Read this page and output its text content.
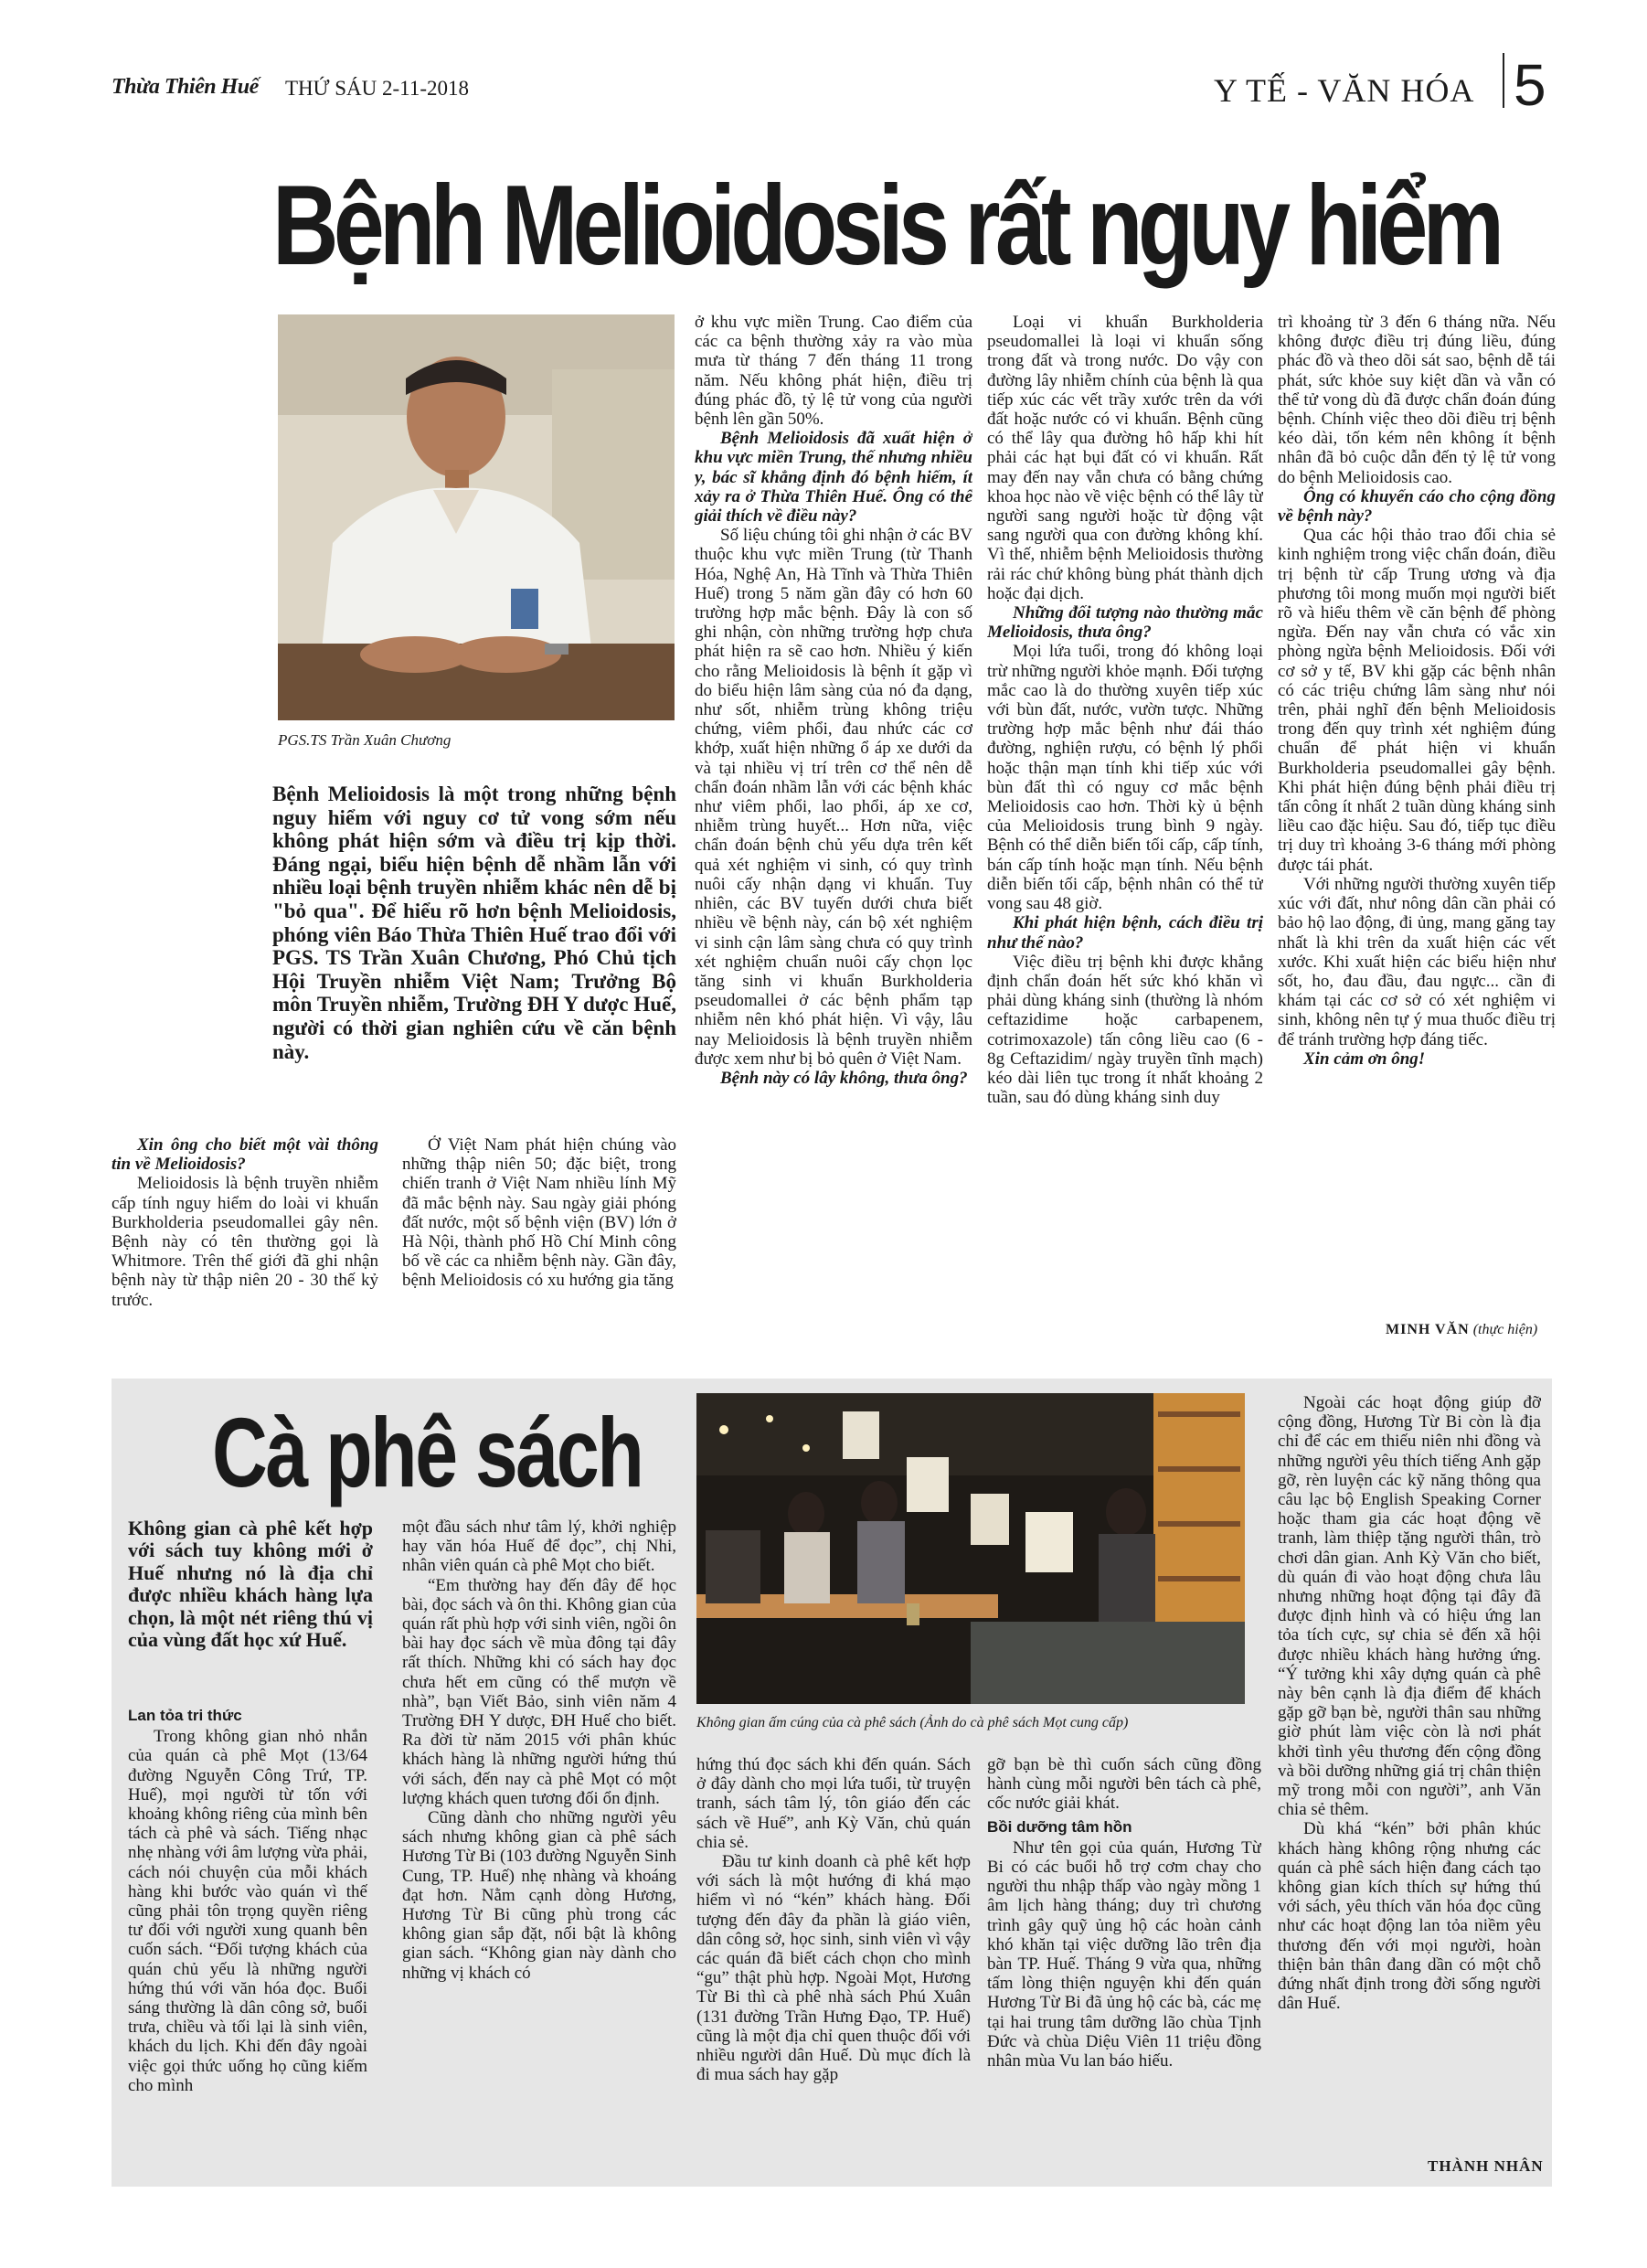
Thừa Thiên Huế THỨ SÁU 2-11-2018	Y TẾ - VĂN HÓA 5
Bệnh Melioidosis rất nguy hiểm
PGS.TS Trần Xuân Chương
Bệnh Melioidosis là một trong những bệnh nguy hiểm với nguy cơ tử vong sớm nếu không phát hiện sớm và điều trị kịp thời. Đáng ngại, biểu hiện bệnh dễ nhầm lẫn với nhiều loại bệnh truyền nhiễm khác nên dễ bị "bỏ qua". Để hiểu rõ hơn bệnh Melioidosis, phóng viên Báo Thừa Thiên Huế trao đổi với PGS. TS Trần Xuân Chương, Phó Chủ tịch Hội Truyền nhiễm Việt Nam; Trưởng Bộ môn Truyền nhiễm, Trường ĐH Y dược Huế, người có thời gian nghiên cứu về căn bệnh này.

Xin ông cho biết một vài thông tin về Melioidosis?

Melioidosis là bệnh truyền nhiễm cấp tính nguy hiểm do loài vi khuẩn Burkholderia pseudomallei gây nên. Bệnh này có tên thường gọi là Whitmore. Trên thế giới đã ghi nhận bệnh này từ thập niên 20 - 30 thế kỷ trước.

Ở Việt Nam phát hiện chúng vào những thập niên 50; đặc biệt, trong chiến tranh ở Việt Nam nhiều lính Mỹ đã mắc bệnh này. Sau ngày giải phóng đất nước, một số bệnh viện (BV) lớn ở Hà Nội, thành phố Hồ Chí Minh công bố về các ca nhiễm bệnh này. Gần đây, bệnh Melioidosis có xu hướng gia tăng

ở khu vực miền Trung. Cao điểm của các ca bệnh thường xảy ra vào mùa mưa từ tháng 7 đến tháng 11 trong năm. Nếu không phát hiện, điều trị đúng phác đồ, tỷ lệ tử vong của người bệnh lên gần 50%.

Bệnh Melioidosis đã xuất hiện ở khu vực miền Trung, thế nhưng nhiều y, bác sĩ khẳng định đó bệnh hiếm, ít xảy ra ở Thừa Thiên Huế. Ông có thể giải thích về điều này?

Số liệu chúng tôi ghi nhận ở các BV thuộc khu vực miền Trung (từ Thanh Hóa, Nghệ An, Hà Tĩnh và Thừa Thiên Huế) trong 5 năm gần đây có hơn 60 trường hợp mắc bệnh. Đây là con số ghi nhận, còn những trường hợp chưa phát hiện ra sẽ cao hơn. Nhiều ý kiến cho rằng Melioidosis là bệnh ít gặp vì do biểu hiện lâm sàng của nó đa dạng, như sốt, nhiễm trùng không triệu chứng, viêm phổi, đau nhức các cơ khớp, xuất hiện những ổ áp xe dưới da và tại nhiều vị trí trên cơ thể nên dễ chẩn đoán nhầm lẫn với các bệnh khác như viêm phổi, lao phổi, áp xe cơ, nhiễm trùng huyết... Hơn nữa, việc chẩn đoán bệnh chủ yếu dựa trên kết quả xét nghiệm vi sinh, có quy trình nuôi cấy nhận dạng vi khuẩn. Tuy nhiên, các BV tuyến dưới chưa biết nhiều về bệnh này, cán bộ xét nghiệm vi sinh cận lâm sàng chưa có quy trình xét nghiệm chuẩn nuôi cấy chọn lọc tăng sinh vi khuẩn Burkholderia pseudomallei ở các bệnh phẩm tạp nhiễm nên khó phát hiện. Vì vậy, lâu nay Melioidosis là bệnh truyền nhiễm được xem như bị bỏ quên ở Việt Nam.

Bệnh này có lây không, thưa ông?

Loại vi khuẩn Burkholderia pseudomallei là loại vi khuẩn sống trong đất và trong nước. Do vậy con đường lây nhiễm chính của bệnh là qua tiếp xúc các vết trầy xước trên da với đất hoặc nước có vi khuẩn. Bệnh cũng có thể lây qua đường hô hấp khi hít phải các hạt bụi đất có vi khuẩn. Rất may đến nay vẫn chưa có bằng chứng khoa học nào về việc bệnh có thể lây từ người sang người hoặc từ động vật sang người qua con đường không khí. Vì thế, nhiễm bệnh Melioidosis thường rải rác chứ không bùng phát thành dịch hoặc đại dịch.

Những đối tượng nào thường mắc Melioidosis, thưa ông?

Mọi lứa tuổi, trong đó không loại trừ những người khỏe mạnh. Đối tượng mắc cao là do thường xuyên tiếp xúc với bùn đất, nước, vườn tược. Những trường hợp mắc bệnh như đái tháo đường, nghiện rượu, có bệnh lý phổi hoặc thận mạn tính khi tiếp xúc với bùn đất thì có nguy cơ mắc bệnh Melioidosis cao hơn. Thời kỳ ủ bệnh của Melioidosis trung bình 9 ngày. Bệnh có thể diễn biến tối cấp, cấp tính, bán cấp tính hoặc mạn tính. Nếu bệnh diễn biến tối cấp, bệnh nhân có thể tử vong sau 48 giờ.

Khi phát hiện bệnh, cách điều trị như thế nào?

Việc điều trị bệnh khi được khẳng định chẩn đoán hết sức khó khăn vì phải dùng kháng sinh (thường là nhóm ceftazidime hoặc carbapenem, cotrimoxazole) tấn công liều cao (6 - 8g Ceftazidim/ ngày truyền tĩnh mạch) kéo dài liên tục trong ít nhất khoảng 2 tuần, sau đó dùng kháng sinh duy

trì khoảng từ 3 đến 6 tháng nữa. Nếu không được điều trị đúng liều, đúng phác đồ và theo dõi sát sao, bệnh dễ tái phát, sức khỏe suy kiệt dần và vẫn có thể tử vong dù đã được chẩn đoán đúng bệnh. Chính việc theo dõi điều trị bệnh kéo dài, tốn kém nên không ít bệnh nhân đã bỏ cuộc dẫn đến tỷ lệ tử vong do bệnh Melioidosis cao.

Ông có khuyến cáo cho cộng đồng về bệnh này?

Qua các hội thảo trao đổi chia sẻ kinh nghiệm trong việc chẩn đoán, điều trị bệnh từ cấp Trung ương và địa phương tôi mong muốn mọi người biết rõ và hiểu thêm về căn bệnh để phòng ngừa. Đến nay vẫn chưa có vắc xin phòng ngừa bệnh Melioidosis. Đối với cơ sở y tế, BV khi gặp các bệnh nhân có các triệu chứng lâm sàng như nói trên, phải nghĩ đến bệnh Melioidosis trong đến quy trình xét nghiệm đúng chuẩn để phát hiện vi khuẩn Burkholderia pseudomallei gây bệnh. Khi phát hiện đúng bệnh phải điều trị tấn công ít nhất 2 tuần dùng kháng sinh liều cao đặc hiệu. Sau đó, tiếp tục điều trị duy trì khoảng 3-6 tháng mới phòng được tái phát.

Với những người thường xuyên tiếp xúc với đất, như nông dân cần phải có bảo hộ lao động, đi ủng, mang găng tay nhất là khi trên da xuất hiện các vết xước. Khi xuất hiện các biểu hiện như sốt, ho, đau đầu, đau ngực... cần đi khám tại các cơ sở có xét nghiệm vi sinh, không nên tự ý mua thuốc điều trị để tránh trường hợp đáng tiếc.

Xin cảm ơn ông!

MINH VĂN (thực hiện)
Cà phê sách
Không gian cà phê kết hợp với sách tuy không mới ở Huế nhưng nó là địa chỉ được nhiều khách hàng lựa chọn, là một nét riêng thú vị của vùng đất học xứ Huế.
Không gian ấm cúng của cà phê sách (Ảnh do cà phê sách Mọt cung cấp)
Lan tỏa tri thức

Trong không gian nhỏ nhắn của quán cà phê Mọt (13/64 đường Nguyễn Công Trứ, TP. Huế), mọi người từ tốn với khoảng không riêng của mình bên tách cà phê và sách. Tiếng nhạc nhẹ nhàng với âm lượng vừa phải, cách nói chuyện của mỗi khách hàng khi bước vào quán vì thế cũng phải tôn trọng quyền riêng tư đối với người xung quanh bên cuốn sách. “Đối tượng khách của quán chủ yếu là những người hứng thú với văn hóa đọc. Buổi sáng thường là dân công sở, buổi trưa, chiều và tối lại là sinh viên, khách du lịch. Khi đến đây ngoài việc gọi thức uống họ cũng kiếm cho mình

một đầu sách như tâm lý, khởi nghiệp hay văn hóa Huế để đọc”, chị Nhi, nhân viên quán cà phê Mọt cho biết.

“Em thường hay đến đây để học bài, đọc sách và ôn thi. Không gian của quán rất phù hợp với sinh viên, ngồi ôn bài hay đọc sách về mùa đông tại đây rất thích. Những khi có sách hay đọc chưa hết em cũng có thể mượn về nhà”, bạn Viết Bảo, sinh viên năm 4 Trường ĐH Y dược, ĐH Huế cho biết. Ra đời từ năm 2015 với phân khúc khách hàng là những người hứng thú với sách, đến nay cà phê Mọt có một lượng khách quen tương đối ổn định.

Cũng dành cho những người yêu sách nhưng không gian cà phê sách Hương Từ Bi (103 đường Nguyễn Sinh Cung, TP. Huế) nhẹ nhàng và khoáng đạt hơn. Nằm cạnh dòng Hương, Hương Từ Bi cũng phù trong các không gian sắp đặt, nối bật là không gian sách. “Không gian này dành cho những vị khách có

hứng thú đọc sách khi đến quán. Sách ở đây dành cho mọi lứa tuổi, từ truyện tranh, sách tâm lý, tôn giáo đến các sách về Huế”, anh Kỳ Văn, chủ quán chia sẻ.

Đầu tư kinh doanh cà phê kết hợp với sách là một hướng đi khá mạo hiểm vì nó “kén” khách hàng. Đối tượng đến đây đa phần là giáo viên, dân công sở, học sinh, sinh viên vì vậy các quán đã biết cách chọn cho mình “gu” thật phù hợp. Ngoài Mọt, Hương Từ Bi thì cà phê nhà sách Phú Xuân (131 đường Trần Hưng Đạo, TP. Huế) cũng là một địa chỉ quen thuộc đối với nhiều người dân Huế. Dù mục đích là đi mua sách hay gặp

gỡ bạn bè thì cuốn sách cũng đồng hành cùng mỗi người bên tách cà phê, cốc nước giải khát.

Bồi dưỡng tâm hồn

Như tên gọi của quán, Hương Từ Bi có các buổi hỗ trợ cơm chay cho người thu nhập thấp vào ngày mồng 1 âm lịch hàng tháng; duy trì chương trình gây quỹ ủng hộ các hoàn cảnh khó khăn tại việc dưỡng lão trên địa bàn TP. Huế. Tháng 9 vừa qua, những tấm lòng thiện nguyện khi đến quán Hương Từ Bi đã ủng hộ các bà, các mẹ tại hai trung tâm dưỡng lão chùa Tịnh Đức và chùa Diệu Viên 11 triệu đồng nhân mùa Vu lan báo hiếu.

Ngoài các hoạt động giúp đỡ cộng đồng, Hương Từ Bi còn là địa chỉ để các em thiếu niên nhi đồng và những người yêu thích tiếng Anh gặp gỡ, rèn luyện các kỹ năng thông qua câu lạc bộ English Speaking Corner hoặc tham gia các hoạt động vẽ tranh, làm thiệp tặng người thân, trò chơi dân gian. Anh Kỳ Văn cho biết, dù quán đi vào hoạt động chưa lâu nhưng những hoạt động tại đây đã được định hình và có hiệu ứng lan tỏa tích cực, sự chia sẻ đến xã hội được nhiều khách hàng hưởng ứng. “Ý tưởng khi xây dựng quán cà phê này bên cạnh là địa điểm để khách gặp gỡ bạn bè, người thân sau những giờ phút làm việc còn là nơi phát khởi tình yêu thương đến cộng đồng và bồi dưỡng những giá trị chân thiện mỹ trong mỗi con người”, anh Văn chia sẻ thêm.

Dù khá “kén” bởi phân khúc khách hàng không rộng nhưng các quán cà phê sách hiện đang cách tạo không gian kích thích sự hứng thú với sách, yêu thích văn hóa đọc cũng như các hoạt động lan tỏa niềm yêu thương đến với mọi người, hoàn thiện bản thân đang dần có một chỗ đứng nhất định trong đời sống người dân Huế.

THÀNH NHÂN
